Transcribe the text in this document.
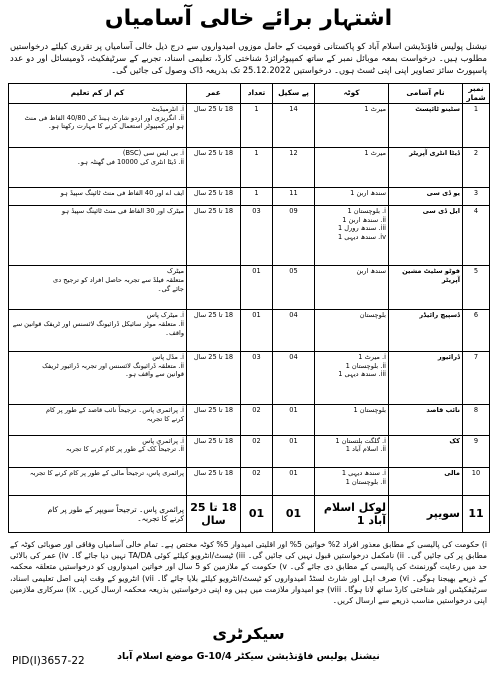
اشتہار برائے خالی آسامیاں
نیشنل پولیس فاؤنڈیشن اسلام آباد کو پاکستانی قومیت کے حامل موزوں امیدواروں سے درج ذیل خالی آسامیاں پر تقرری کیلئے درخواستیں مطلوب ہیں۔ درخواست بمعہ موبائل نمبر کے ساتھ کمپیوٹرائزڈ شناختی کارڈ، تعلیمی اسناد، تجربے کے سرٹیفکیٹ، ڈومیسائل اور دو عدد پاسپورٹ سائز تصاویر اپنی اپنی ٹسٹ ہوں۔ درخواستیں 25.12.2022 تک بذریعہ ڈاک وصول کی جائیں گی۔
نمبر شمار	نام آسامی	کوٹہ	پے سکیل	تعداد	عمر	کم از کم تعلیم
1	سٹینو ٹائپسٹ	میرٹ 1	14	1	18 تا 25 سال	i. انٹرمیڈیٹ
ii. انگریزی اور اردو شارٹ ہینڈ کی 40/80 الفاظ فی منٹ
ہو اور کمپیوٹر استعمال کرنے کا مہارت رکھتا ہو۔

2	ڈیٹا انٹری آپریٹر	میرٹ 1	12	1	18 تا 25 سال	i. بی ایس سی (BSC)
ii. ڈیٹا انٹری کی 10000 فی گھنٹہ ہو۔

3	یو ڈی سی	سندھ اربن 1	11	1	18 تا 25 سال	ایف اے اور 40 الفاظ فی منٹ ٹائپنگ سپیڈ ہو

4	ایل ڈی سی	i. بلوچستان 1
ii. سندھ اربن 1
iii. سندھ رورل 1
iv. سندھ دیہی 1	09	03	18 تا 25 سال	میٹرک اور 30 الفاظ فی منٹ ٹائپنگ سپیڈ ہو

5	فوٹو سٹیٹ مشین آپریٹر	سندھ اربن	05	01		میٹرک
متعلقہ فیلڈ سے تجربہ حاصل افراد کو ترجیح دی
جائے گی۔

6	ڈسپیچ رائیڈر	بلوچستان	04	01	18 تا 25 سال	i. میٹرک پاس
ii. متعلقہ موٹر سائیکل ڈرائیونگ لائسنس اور ٹریفک قوانین سے
واقف۔

7	ڈرائیور	i. میرٹ 1
ii. بلوچستان 1
iii. سندھ دیہی 1	04	03	18 تا 25 سال	i. مڈل پاس
ii. متعلقہ ڈرائیونگ لائسنس اور تجربہ ڈرائیور ٹریفک
قوانین سے واقف ہو۔

8	نائب قاصد	بلوچستان 1	01	02	18 تا 25 سال	i. پرائمری پاس۔ ترجیحاً نائب قاصد کے طور پر کام
کرنے کا تجربہ

9	کک	i. گلگت بلتستان 1
ii. اسلام آباد 1	01	02	18 تا 25 سال	i. پرائمری پاس
ii. ترجیحاً کک کے طور پر کام کرنے کا تجربہ

10	مالی	i. سندھ دیہی 1
ii. بلوچستان 1	01	02	18 تا 25 سال	پرائمری پاس، ترجیحاً مالی کے طور پر کام کرنے کا تجربہ

11	سویپر	لوکل اسلام آباد 1	01	01	18 تا 25 سال	پرائمری پاس۔ ترجیحاً سویپر کے طور پر کام
کرنے کا تجربہ۔
i) حکومت کی پالیسی کے مطابق معذور افراد 2% خواتین 5% اور اقلیتی امیدوار 5% کوٹہ مختص ہے۔ تمام خالی آسامیاں وفاقی اور صوبائی کوٹہ کے مطابق پر کی جائیں گی۔ ii) نامکمل درخواستیں قبول نہیں کی جائیں گی۔ iii) ٹیسٹ/انٹرویو کیلئے کوئی TA/DA نہیں دیا جائے گا۔ iv) عمر کی بالائی حد میں رعایت گورنمنٹ کی پالیسی کے مطابق دی جائے گی۔ v) حکومت کے ملازمین کو 5 سال اور خواتین امیدواروں کو درخواستیں متعلقہ محکمہ کے ذریعے بھیجنا ہوگی۔ vi) صرف اہل اور شارٹ لسٹڈ امیدواروں کو ٹیسٹ/انٹرویو کیلئے بلایا جائے گا۔ vii) انٹرویو کے وقت اپنی اصل تعلیمی اسناد، سرٹیفکیٹس اور شناختی کارڈ ساتھ لانا ہوگا۔ viii) جو امیدوار ملازمت میں ہیں وہ اپنی درخواستیں بذریعہ محکمہ ارسال کریں۔ ix) سرکاری ملازمین اپنی درخواستیں مناسب ذریعے سے ارسال کریں۔
سیکرٹری
نیشنل پولیس فاؤنڈیشن سیکٹر G-10/4 موضع اسلام آباد
PID(I)3657-22
